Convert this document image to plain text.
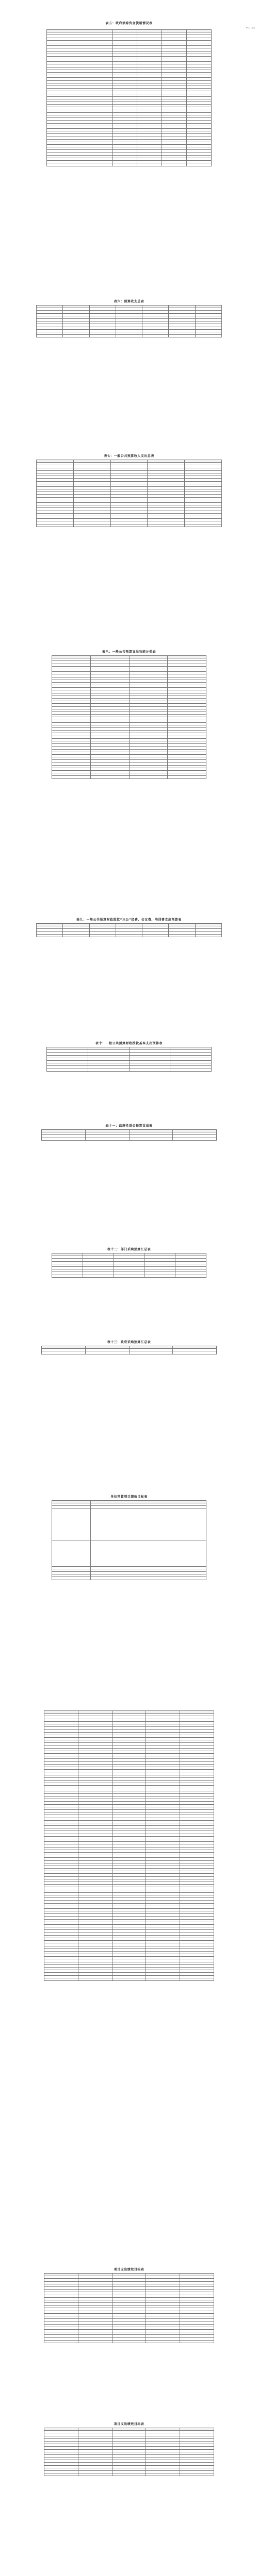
表五：政府债券资金使用情况表
单位：万元

表六：预算收支总表

表七：一般公共预算收入支出总表

表八：一般公共预算支出功能分类表

表九：一般公共预算财政拨款“三公”经费、会议费、培训费支出预算表

表十：一般公共预算财政拨款基本支出预算表

表十一：政府性基金预算支出表

表十二：部门采购预算汇总表

表十三：政府采购预算汇总表

单位预算项目绩效目标表

项目支出绩效目标表

项目支出绩效目标表
